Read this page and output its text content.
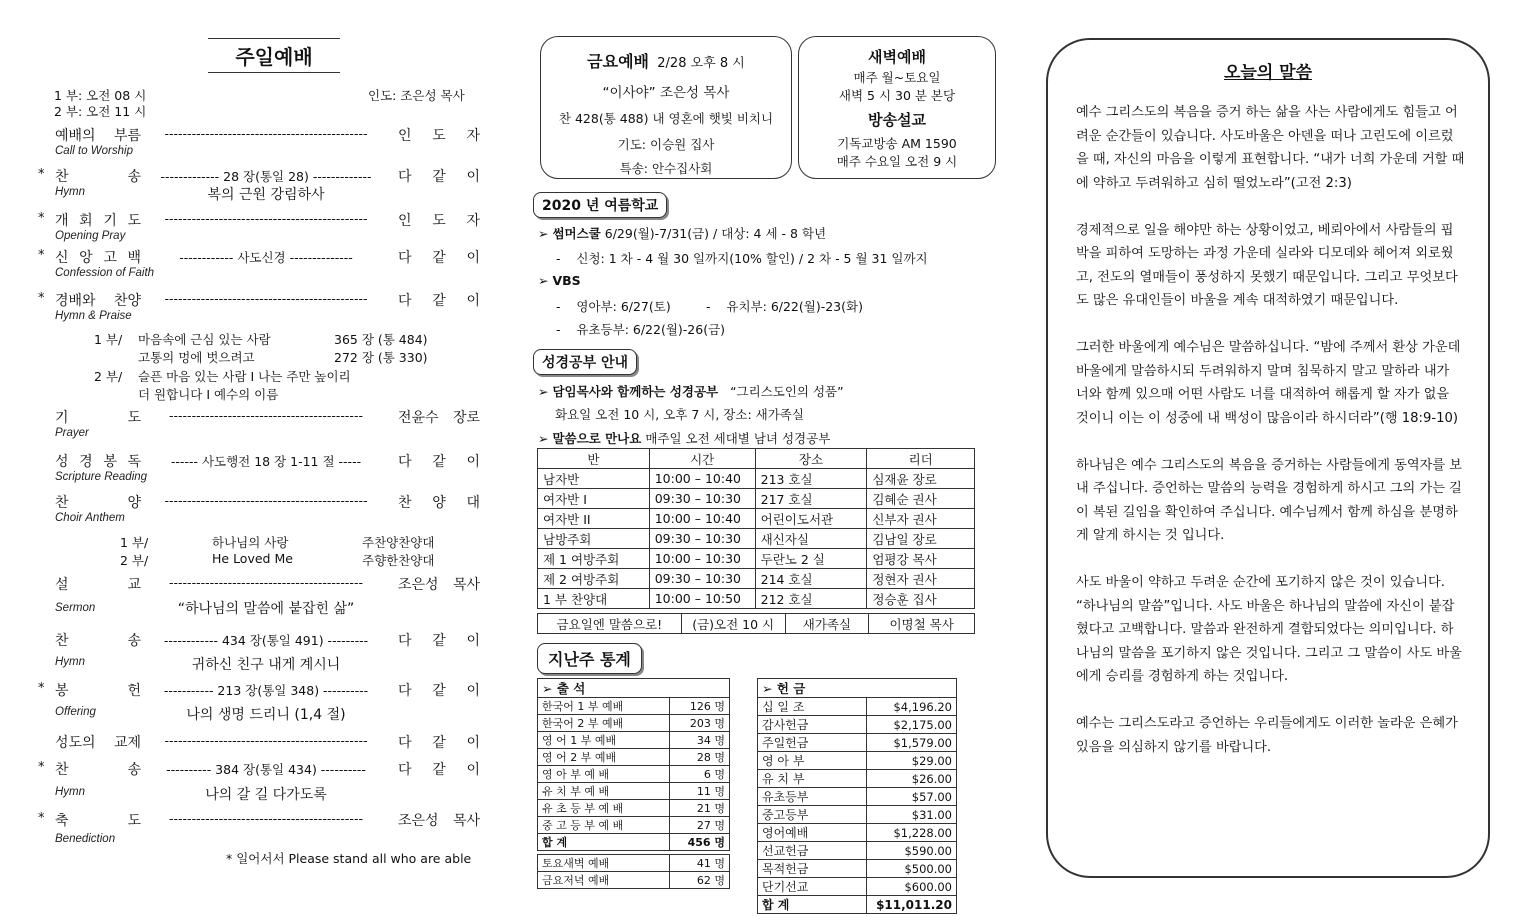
주일예배
1 부: 오전 08 시
2 부: 오전 11 시
인도: 조은성 목사
예배의 부름	---------------------------------------------	인 도 자
Call to Worship
* 찬 송	------------- 28 장(통일 28) -------------	다 같 이
Hymn	복의 근원 강림하사
* 개 회 기 도	---------------------------------------------	인 도 자
Opening Pray
* 신 앙 고 백	------------ 사도신경 --------------	다 같 이
Confession of Faith
* 경배와 찬양	---------------------------------------------	다 같 이
Hymn & Praise
1 부/ 마음속에 근심 있는 사람	365 장 (통 484)
고통의 멍에 벗으려고	272 장 (통 330)
2 부/ 슬픈 마음 있는 사람 I 나는 주만 높이리
더 원합니다 I 예수의 이름
기 도	-------------------------------------------	전윤수 장로
Prayer
성 경 봉 독	------ 사도행전 18 장 1-11 절 -----	다 같 이
Scripture Reading
찬 양	---------------------------------------------	찬 양 대
Choir Anthem
1 부/	하나님의 사랑	주찬양찬양대
2 부/	He Loved Me	주향한찬양대
설 교	-------------------------------------------	조은성 목사
Sermon	“하나님의 말씀에 붙잡힌 삶”
찬 송	------------ 434 장(통일 491) ---------	다 같 이
Hymn	귀하신 친구 내게 계시니
* 봉 헌	----------- 213 장(통일 348) ----------	다 같 이
Offering	나의 생명 드리니 (1,4 절)
성도의 교제	---------------------------------------------	다 같 이
* 찬 송	---------- 384 장(통일 434) ----------	다 같 이
Hymn	나의 갈 길 다가도록
* 축 도	-------------------------------------------	조은성 목사
Benediction
* 일어서서 Please stand all who are able
금요예배 2/28 오후 8 시
“이사야” 조은성 목사
찬 428(통 488) 내 영혼에 햇빛 비치니
기도: 이승원 집사
특송: 안수집사회
새벽예배
매주 월~토요일
새벽 5 시 30 분 본당
방송설교
기독교방송 AM 1590
매주 수요일 오전 9 시
2020 년 여름학교
➢ 썸머스쿨 6/29(월)-7/31(금) / 대상: 4 세 - 8 학년
-    신청: 1 차 - 4 월 30 일까지(10% 할인) / 2 차 - 5 월 31 일까지
➢ VBS
-    영아부: 6/27(토)	-    유치부: 6/22(월)-23(화)
-    유초등부: 6/22(월)-26(금)
성경공부 안내
➢ 담임목사와 함께하는 성경공부 “그리스도인의 성품”
화요일 오전 10 시, 오후 7 시, 장소: 새가족실
➢ 말씀으로 만나요 매주일 오전 세대별 남녀 성경공부
반	시간	장소	리더
남자반	10:00 – 10:40	213 호실	심재윤 장로
여자반 I	09:30 – 10:30	217 호실	김혜순 권사
여자반 II	10:00 – 10:40	어린이도서관	신부자 권사
남방주회	09:30 – 10:30	새신자실	김남일 장로
제 1 여방주회	10:00 – 10:30	두란노 2 실	엄평강 목사
제 2 여방주회	09:30 – 10:30	214 호실	정현자 권사
1 부 찬양대	10:00 – 10:50	212 호실	정승훈 집사
금요일엔 말씀으로!	(금)오전 10 시	새가족실	이명철 목사
지난주 통계
➢ 출 석	
한국어 1 부 예배	126 명
한국어 2 부 예배	203 명
영 어 1 부 예배	34 명
영 어 2 부 예배	28 명
영 아 부 예 배	6 명
유 치 부 예 배	11 명
유 초 등 부 예 배	21 명
중 고 등 부 예 배	27 명
합 계	456 명
토요새벽 예배	41 명
금요저녁 예배	62 명
➢ 헌 금	
십 일 조	$4,196.20
감사헌금	$2,175.00
주일헌금	$1,579.00
영 아 부	$29.00
유 치 부	$26.00
유초등부	$57.00
중고등부	$31.00
영어예배	$1,228.00
선교헌금	$590.00
목적헌금	$500.00
단기선교	$600.00
합 계	$11,011.20
오늘의 말씀

예수 그리스도의 복음을 증거 하는 삶을 사는 사람에게도 힘들고 어려운 순간들이 있습니다. 사도바울은 아덴을 떠나 고린도에 이르렀을 때, 자신의 마음을 이렇게 표현합니다. “내가 너희 가운데 거할 때에 약하고 두려워하고 심히 떨었노라”(고전 2:3)

경제적으로 일을 해야만 하는 상황이었고, 베뢰아에서 사람들의 핍박을 피하여 도망하는 과정 가운데 실라와 디모데와 헤어져 외로웠고, 전도의 열매들이 풍성하지 못했기 때문입니다. 그리고 무엇보다도 많은 유대인들이 바울을 계속 대적하였기 때문입니다.

그러한 바울에게 예수님은 말씀하십니다. “밤에 주께서 환상 가운데 바울에게 말씀하시되 두려워하지 말며 침묵하지 말고 말하라 내가 너와 함께 있으매 어떤 사람도 너를 대적하여 해롭게 할 자가 없을 것이니 이는 이 성중에 내 백성이 많음이라 하시더라”(행 18:9-10)

하나님은 예수 그리스도의 복음을 증거하는 사람들에게 동역자를 보내 주십니다. 증언하는 말씀의 능력을 경험하게 하시고 그의 가는 길이 복된 길임을 확인하여 주십니다. 예수님께서 함께 하심을 분명하게 알게 하시는 것 입니다.

사도 바울이 약하고 두려운 순간에 포기하지 않은 것이 있습니다. “하나님의 말씀”입니다. 사도 바울은 하나님의 말씀에 자신이 붙잡혔다고 고백합니다. 말씀과 완전하게 결합되었다는 의미입니다. 하나님의 말씀을 포기하지 않은 것입니다. 그리고 그 말씀이 사도 바울에게 승리를 경험하게 하는 것입니다.

예수는 그리스도라고 증언하는 우리들에게도 이러한 놀라운 은혜가 있음을 의심하지 않기를 바랍니다.
